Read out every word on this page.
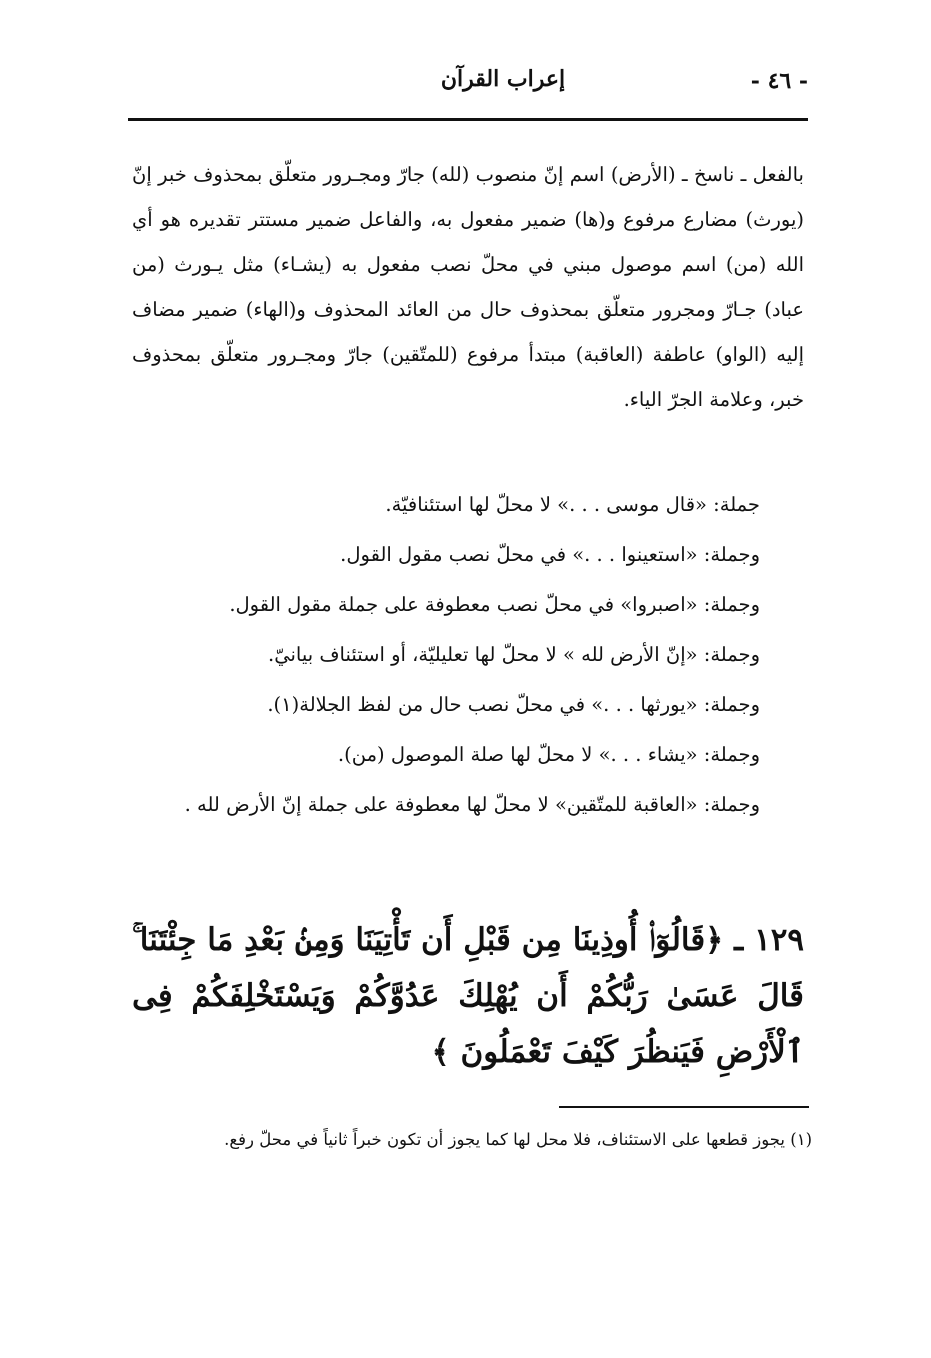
إعراب القرآن	- ٤٦ -
بالفعل ـ ناسخ ـ (الأرض) اسم إنّ منصوب (لله) جارّ ومجـرور متعلّق بمحذوف خبر إنّ (يورث) مضارع مرفوع و(ها) ضمير مفعول به، والفاعل ضمير مستتر تقديره هو أي الله (من) اسم موصول مبني في محلّ نصب مفعول به (يشـاء) مثل يـورث (من عباد) جـارّ ومجرور متعلّق بمحذوف حال من العائد المحذوف و(الهاء) ضمير مضاف إليه (الواو) عاطفة (العاقبة) مبتدأ مرفوع (للمتّقين) جارّ ومجـرور متعلّق بمحذوف خبر، وعلامة الجرّ الياء.
جملة: «قال موسى . . .» لا محلّ لها استئنافيّة.
وجملة: «استعينوا . . .» في محلّ نصب مقول القول.
وجملة: «اصبروا» في محلّ نصب معطوفة على جملة مقول القول.
وجملة: «إنّ الأرض لله » لا محلّ لها تعليليّة، أو استئناف بيانيّ.
وجملة: «يورثها . . .» في محلّ نصب حال من لفظ الجلالة(١).
وجملة: «يشاء . . .» لا محلّ لها صلة الموصول (من).
وجملة: «العاقبة للمتّقين» لا محلّ لها معطوفة على جملة إنّ الأرض لله .
١٢٩ ـ ﴿قَالُوٓا۟ أُوذِينَا مِن قَبْلِ أَن تَأْتِيَنَا وَمِنۢ بَعْدِ مَا جِئْتَنَا ۚ قَالَ عَسَىٰ رَبُّكُمْ أَن يُهْلِكَ عَدُوَّكُمْ وَيَسْتَخْلِفَكُمْ فِى ٱلْأَرْضِ فَيَنظُرَ كَيْفَ تَعْمَلُونَ ﴾
(١) يجوز قطعها على الاستئناف، فلا محل لها كما يجوز أن تكون خبراً ثانياً في محلّ رفع.
